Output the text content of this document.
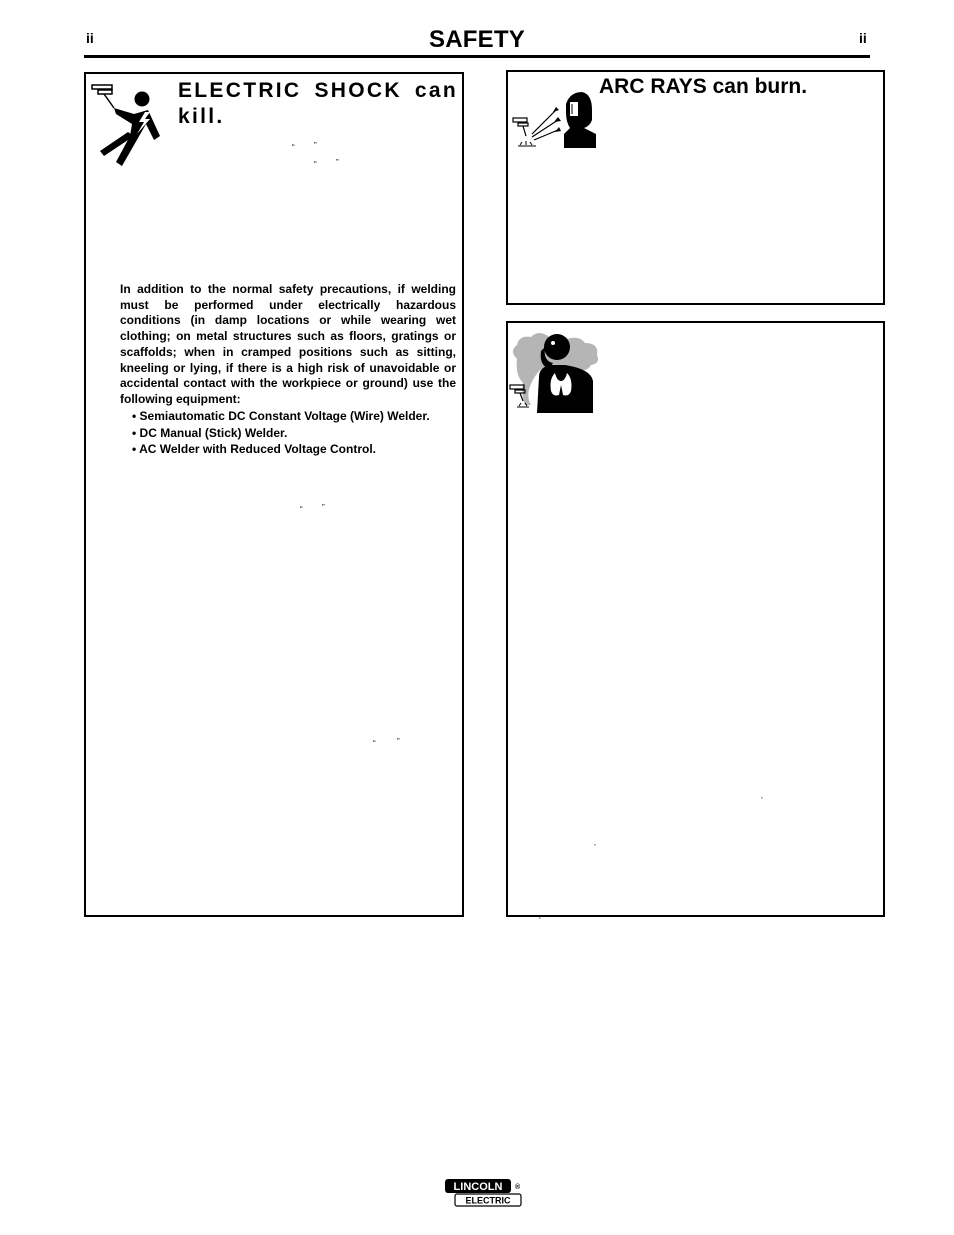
ii	SAFETY	ii
ELECTRIC SHOCK can kill.
“ ”
“ ”

In addition to the normal safety precautions, if welding must be performed under electrically hazardous conditions (in damp locations or while wearing wet clothing; on metal structures such as floors, gratings or scaffolds; when in cramped positions such as sitting, kneeling or lying, if there is a high risk of unavoidable or accidental contact with the workpiece or ground) use the following equipment:

• Semiautomatic DC Constant Voltage (Wire) Welder.
• DC Manual (Stick) Welder.
• AC Welder with Reduced Voltage Control.
“ ”
“	”
ARC RAYS can burn.
’
’
‘
LINCOLN ®
ELECTRIC
